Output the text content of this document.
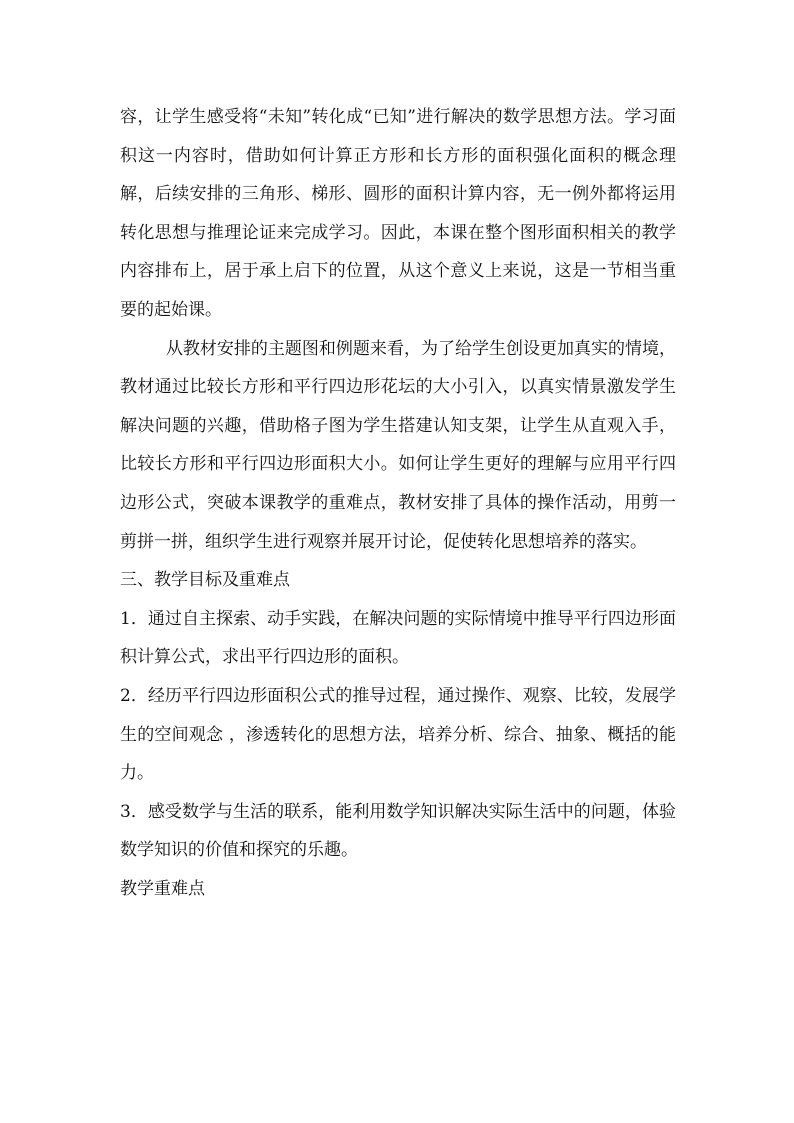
容，让学生感受将“未知”转化成“已知”进行解决的数学思想方法。学习面积这一内容时，借助如何计算正方形和长方形的面积强化面积的概念理解，后续安排的三角形、梯形、圆形的面积计算内容，无一例外都将运用转化思想与推理论证来完成学习。因此，本课在整个图形面积相关的教学内容排布上，居于承上启下的位置，从这个意义上来说，这是一节相当重要的起始课。

从教材安排的主题图和例题来看，为了给学生创设更加真实的情境，教材通过比较长方形和平行四边形花坛的大小引入，以真实情景激发学生解决问题的兴趣，借助格子图为学生搭建认知支架，让学生从直观入手，比较长方形和平行四边形面积大小。如何让学生更好的理解与应用平行四边形公式，突破本课教学的重难点，教材安排了具体的操作活动，用剪一剪拼一拼，组织学生进行观察并展开讨论，促使转化思想培养的落实。

三、教学目标及重难点

1．通过自主探索、动手实践，在解决问题的实际情境中推导平行四边形面积计算公式，求出平行四边形的面积。

2．经历平行四边形面积公式的推导过程，通过操作、观察、比较，发展学生的空间观念 ，渗透转化的思想方法，培养分析、综合、抽象、概括的能力。

3．感受数学与生活的联系，能利用数学知识解决实际生活中的问题，体验数学知识的价值和探究的乐趣。

教学重难点
